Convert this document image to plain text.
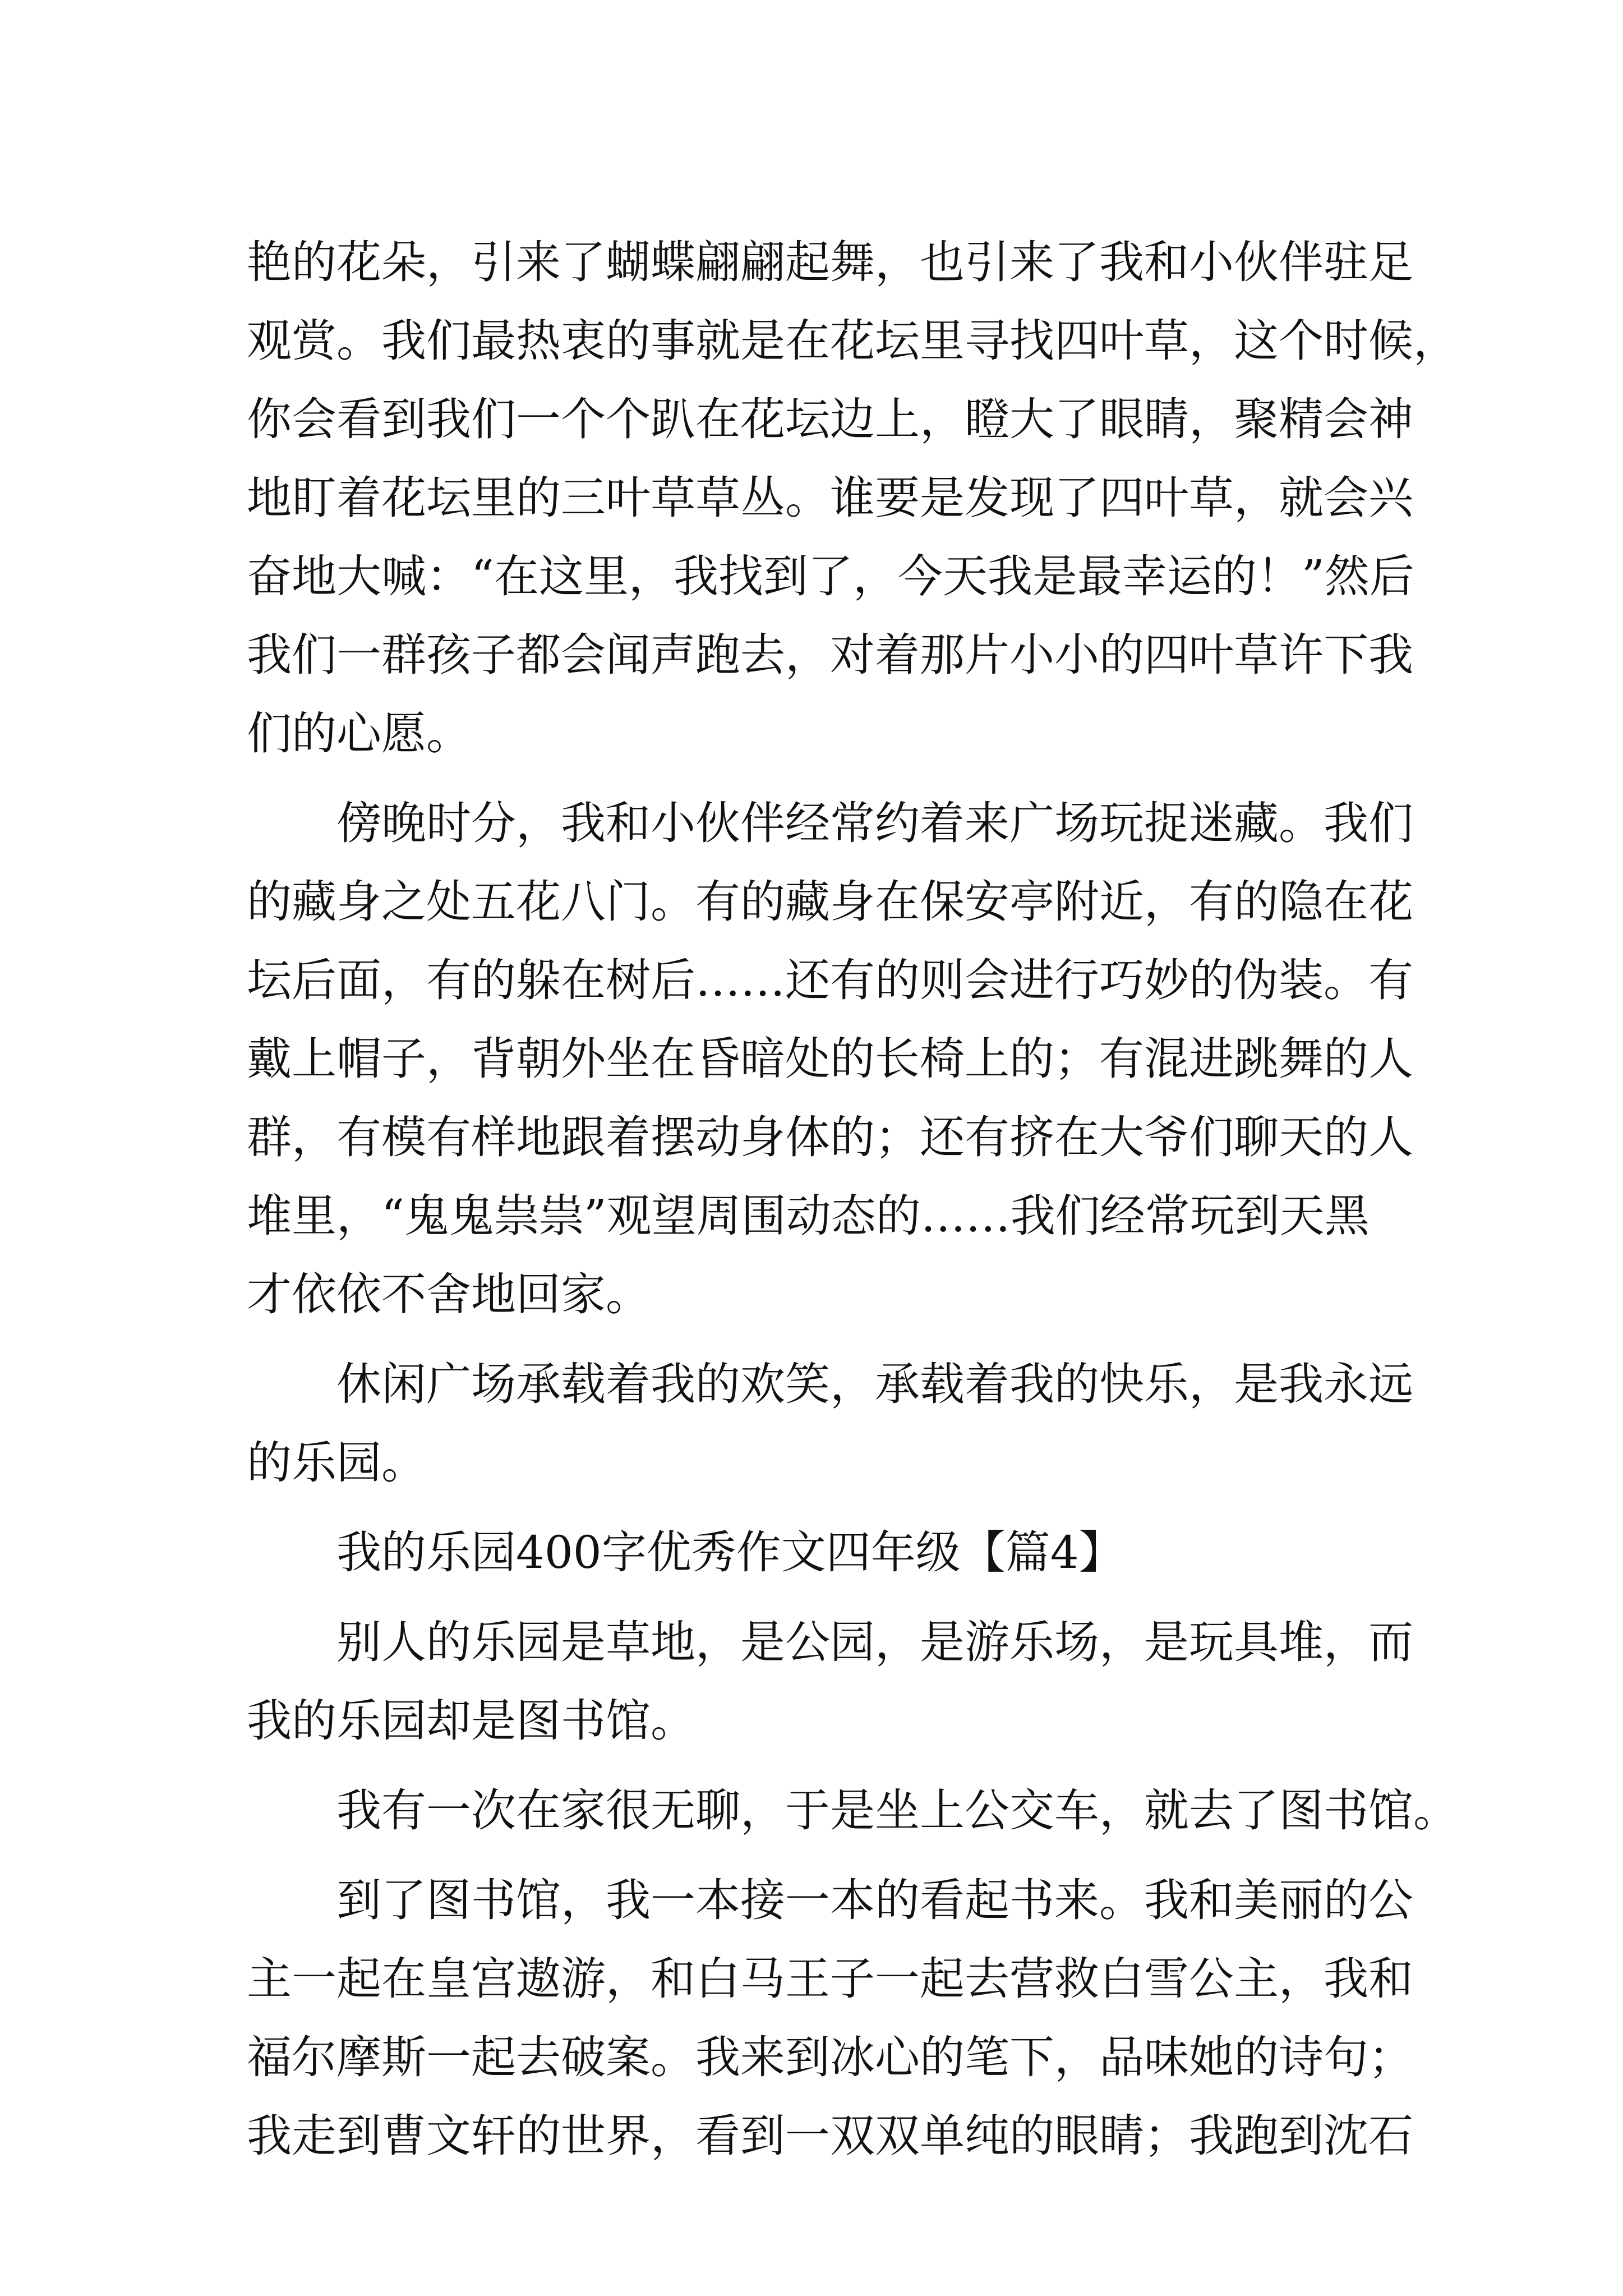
艳的花朵，引来了蝴蝶翩翩起舞，也引来了我和小伙伴驻足
观赏。我们最热衷的事就是在花坛里寻找四叶草，这个时候，
你会看到我们一个个趴在花坛边上，瞪大了眼睛，聚精会神
地盯着花坛里的三叶草草丛。谁要是发现了四叶草，就会兴
奋地大喊：“在这里，我找到了，今天我是最幸运的！”然后
我们一群孩子都会闻声跑去，对着那片小小的四叶草许下我
们的心愿。
傍晚时分，我和小伙伴经常约着来广场玩捉迷藏。我们
的藏身之处五花八门。有的藏身在保安亭附近，有的隐在花
坛后面，有的躲在树后……还有的则会进行巧妙的伪装。有
戴上帽子，背朝外坐在昏暗处的长椅上的；有混进跳舞的人
群，有模有样地跟着摆动身体的；还有挤在大爷们聊天的人
堆里，“鬼鬼祟祟”观望周围动态的……我们经常玩到天黑
才依依不舍地回家。
休闲广场承载着我的欢笑，承载着我的快乐，是我永远
的乐园。
我的乐园400字优秀作文四年级【篇4】
别人的乐园是草地，是公园，是游乐场，是玩具堆，而
我的乐园却是图书馆。
我有一次在家很无聊，于是坐上公交车，就去了图书馆。
到了图书馆，我一本接一本的看起书来。我和美丽的公
主一起在皇宫遨游，和白马王子一起去营救白雪公主，我和
福尔摩斯一起去破案。我来到冰心的笔下，品味她的诗句；
我走到曹文轩的世界，看到一双双单纯的眼睛；我跑到沈石
